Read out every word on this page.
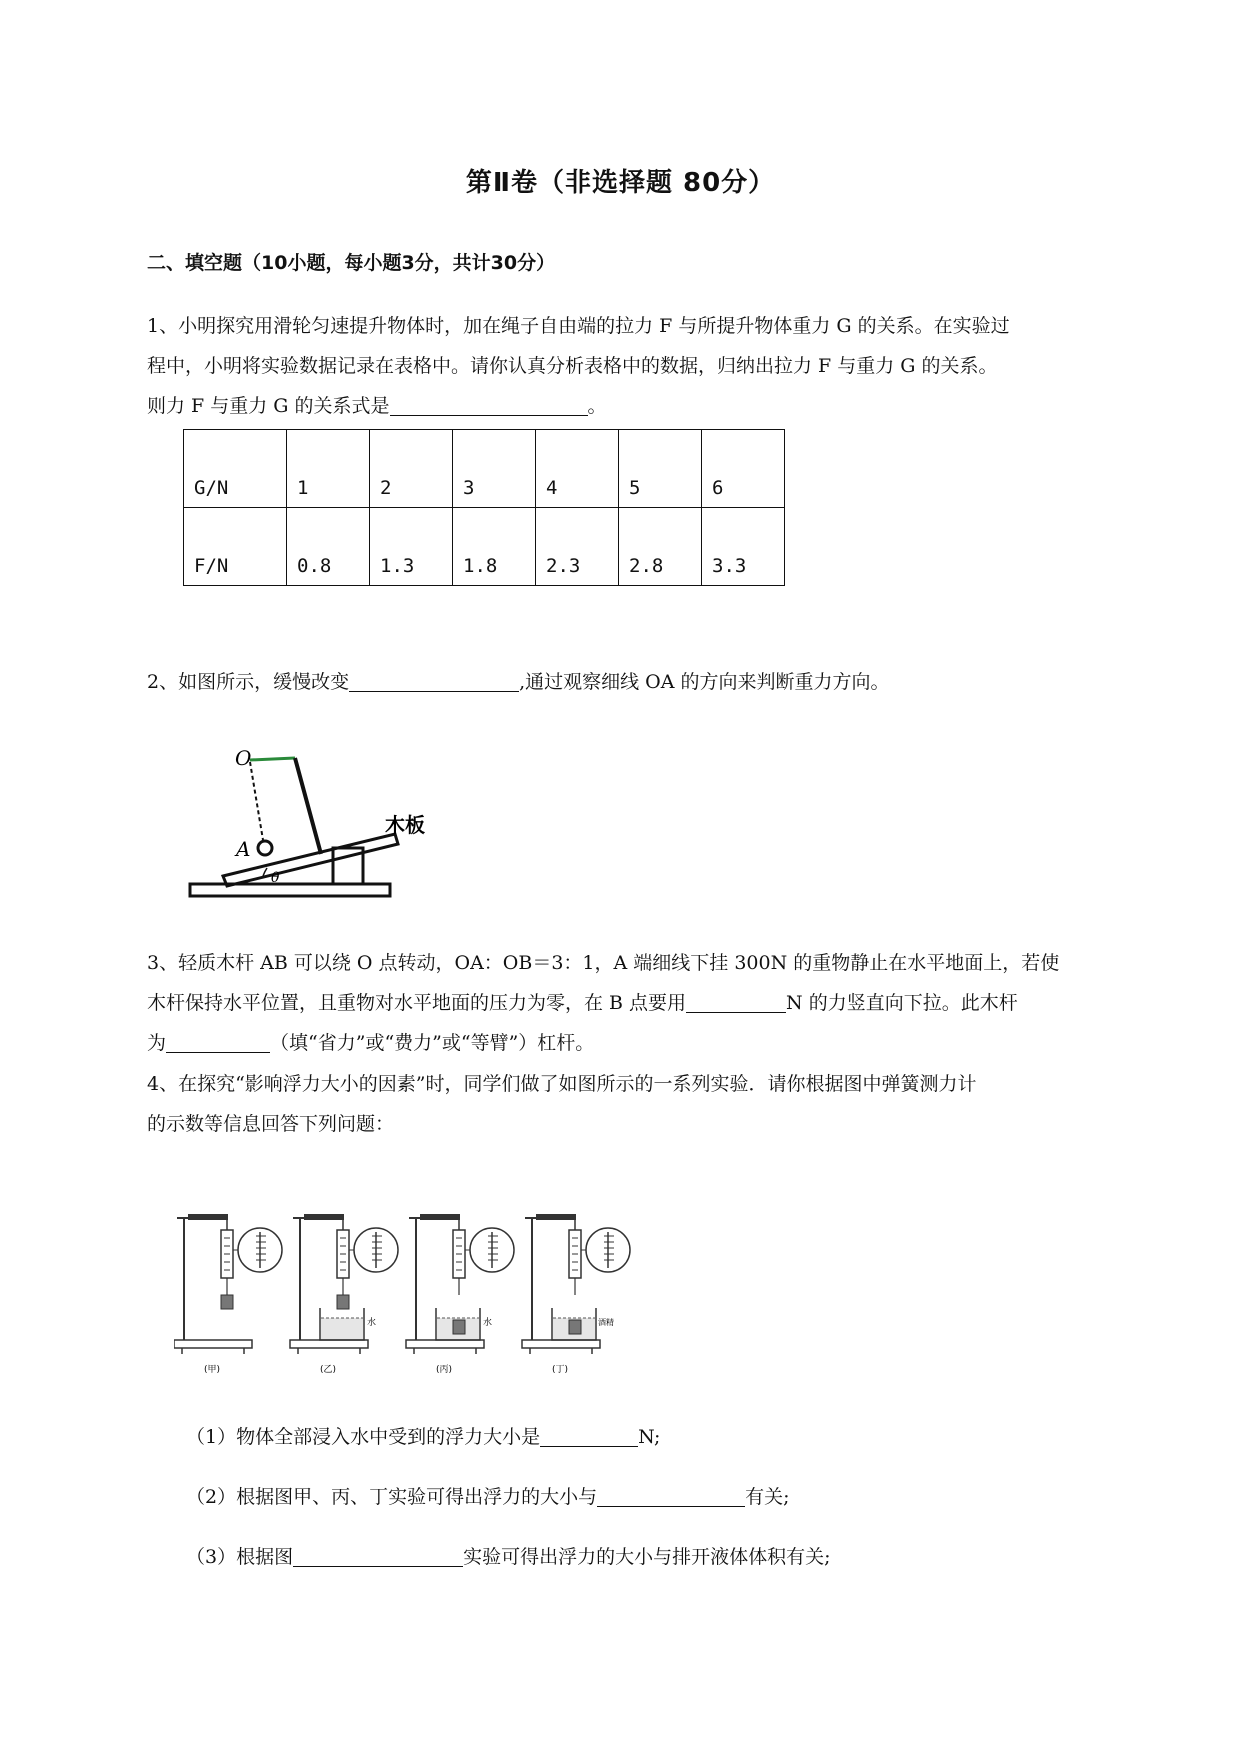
第Ⅱ卷（非选择题 80分）
二、填空题（10小题，每小题3分，共计30分）
1、小明探究用滑轮匀速提升物体时，加在绳子自由端的拉力 F 与所提升物体重力 G 的关系。在实验过
程中，小明将实验数据记录在表格中。请你认真分析表格中的数据，归纳出拉力 F 与重力 G 的关系。
则力 F 与重力 G 的关系式是	。
G/N	1	2	3	4	5	6
F/N	0.8	1.3	1.8	2.3	2.8	3.3
2、如图所示，缓慢改变	,通过观察细线 OA 的方向来判断重力方向。
θ
O
A
木板
3、轻质木杆 AB 可以绕 O 点转动，OA：OB＝3：1，A 端细线下挂 300N 的重物静止在水平地面上，若使
木杆保持水平位置，且重物对水平地面的压力为零，在 B 点要用	N 的力竖直向下拉。此木杆
为	（填“省力”或“费力”或“等臂”）杠杆。
4、在探究“影响浮力大小的因素”时，同学们做了如图所示的一系列实验．请你根据图中弹簧测力计
的示数等信息回答下列问题：
水	水	酒精
(甲)	(乙)	(丙)	(丁)
（1）物体全部浸入水中受到的浮力大小是	N;
（2）根据图甲、丙、丁实验可得出浮力的大小与	有关;
（3）根据图	实验可得出浮力的大小与排开液体体积有关;
